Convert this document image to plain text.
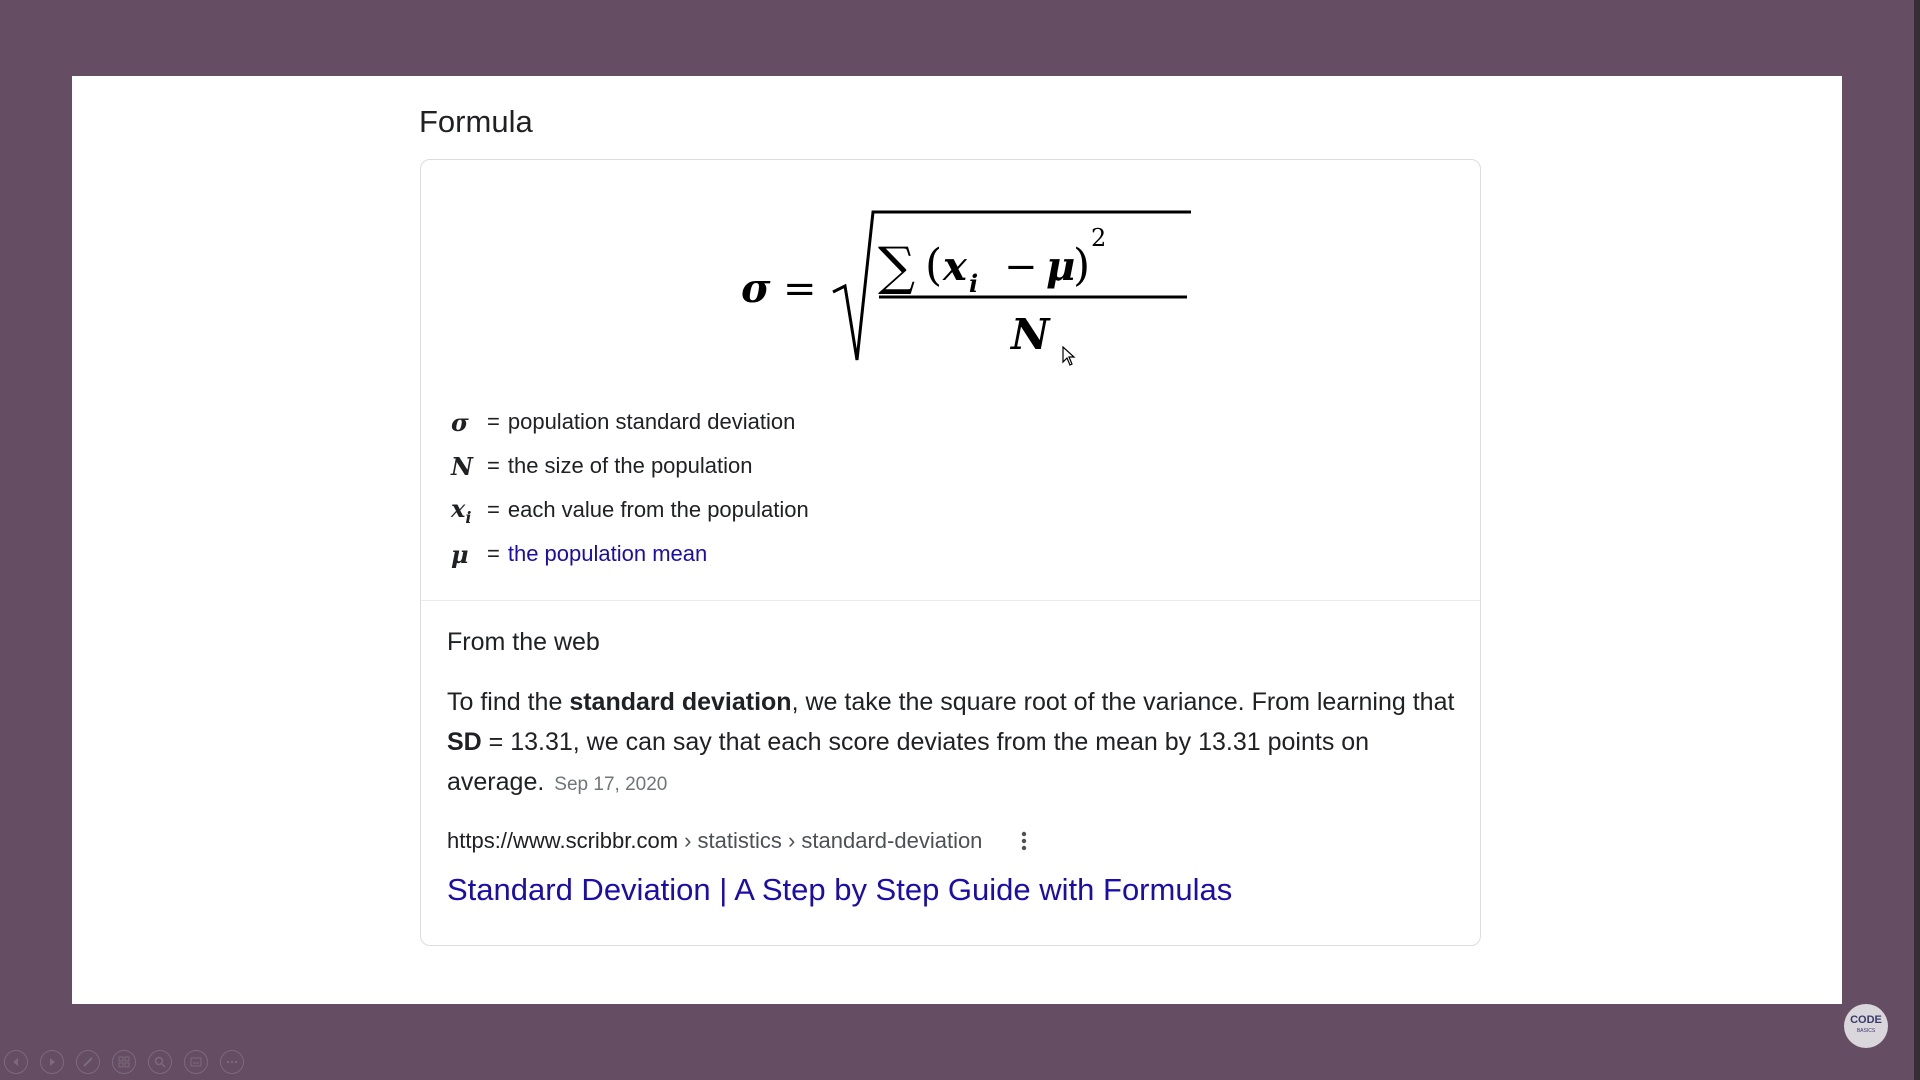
Formula
σ = ∑ ( x i − μ
)
2
N
σ = population standard deviation
N = the size of the population
$x_i$ = each value from the population
μ = the population mean
From the web
To find the standard deviation, we take the square root of the variance. From learning that SD = 13.31, we can say that each score deviates from the mean by 13.31 points on average. Sep 17, 2020
https://www.scribbr.com › statistics › standard-deviation
Standard Deviation | A Step by Step Guide with Formulas
CODE
BASICS
